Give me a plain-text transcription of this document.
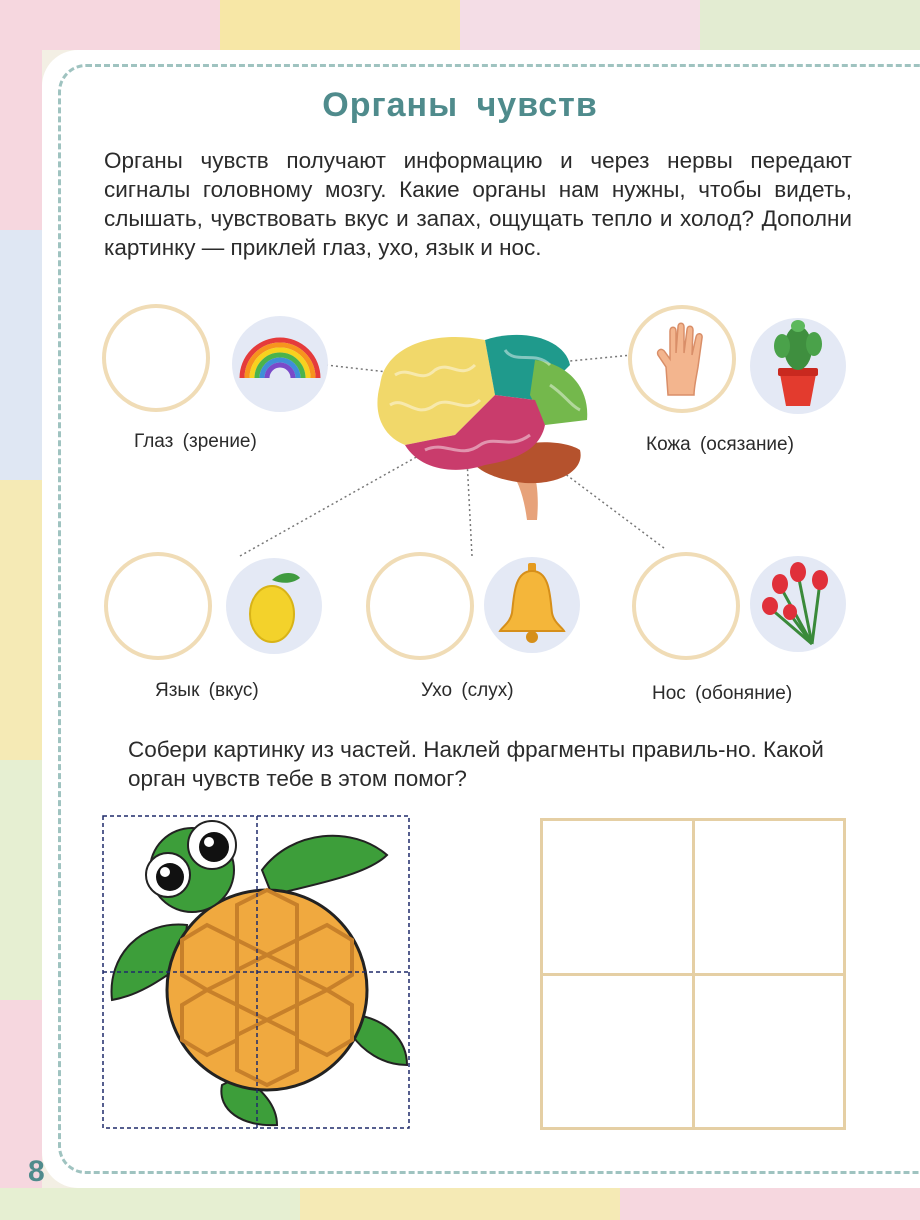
Органы чувств
Органы чувств получают информацию и через нервы передают сигналы головному мозгу. Какие органы нам нужны, чтобы видеть, слышать, чувствовать вкус и запах, ощущать тепло и холод? Дополни картинку — приклей глаз, ухо, язык и нос.
Глаз (зрение)	Кожа (осязание)
Язык (вкус)	Ухо (слух)	Нос (обоняние)
Собери картинку из частей. Наклей фрагменты правиль-но. Какой орган чувств тебе в этом помог?
8
